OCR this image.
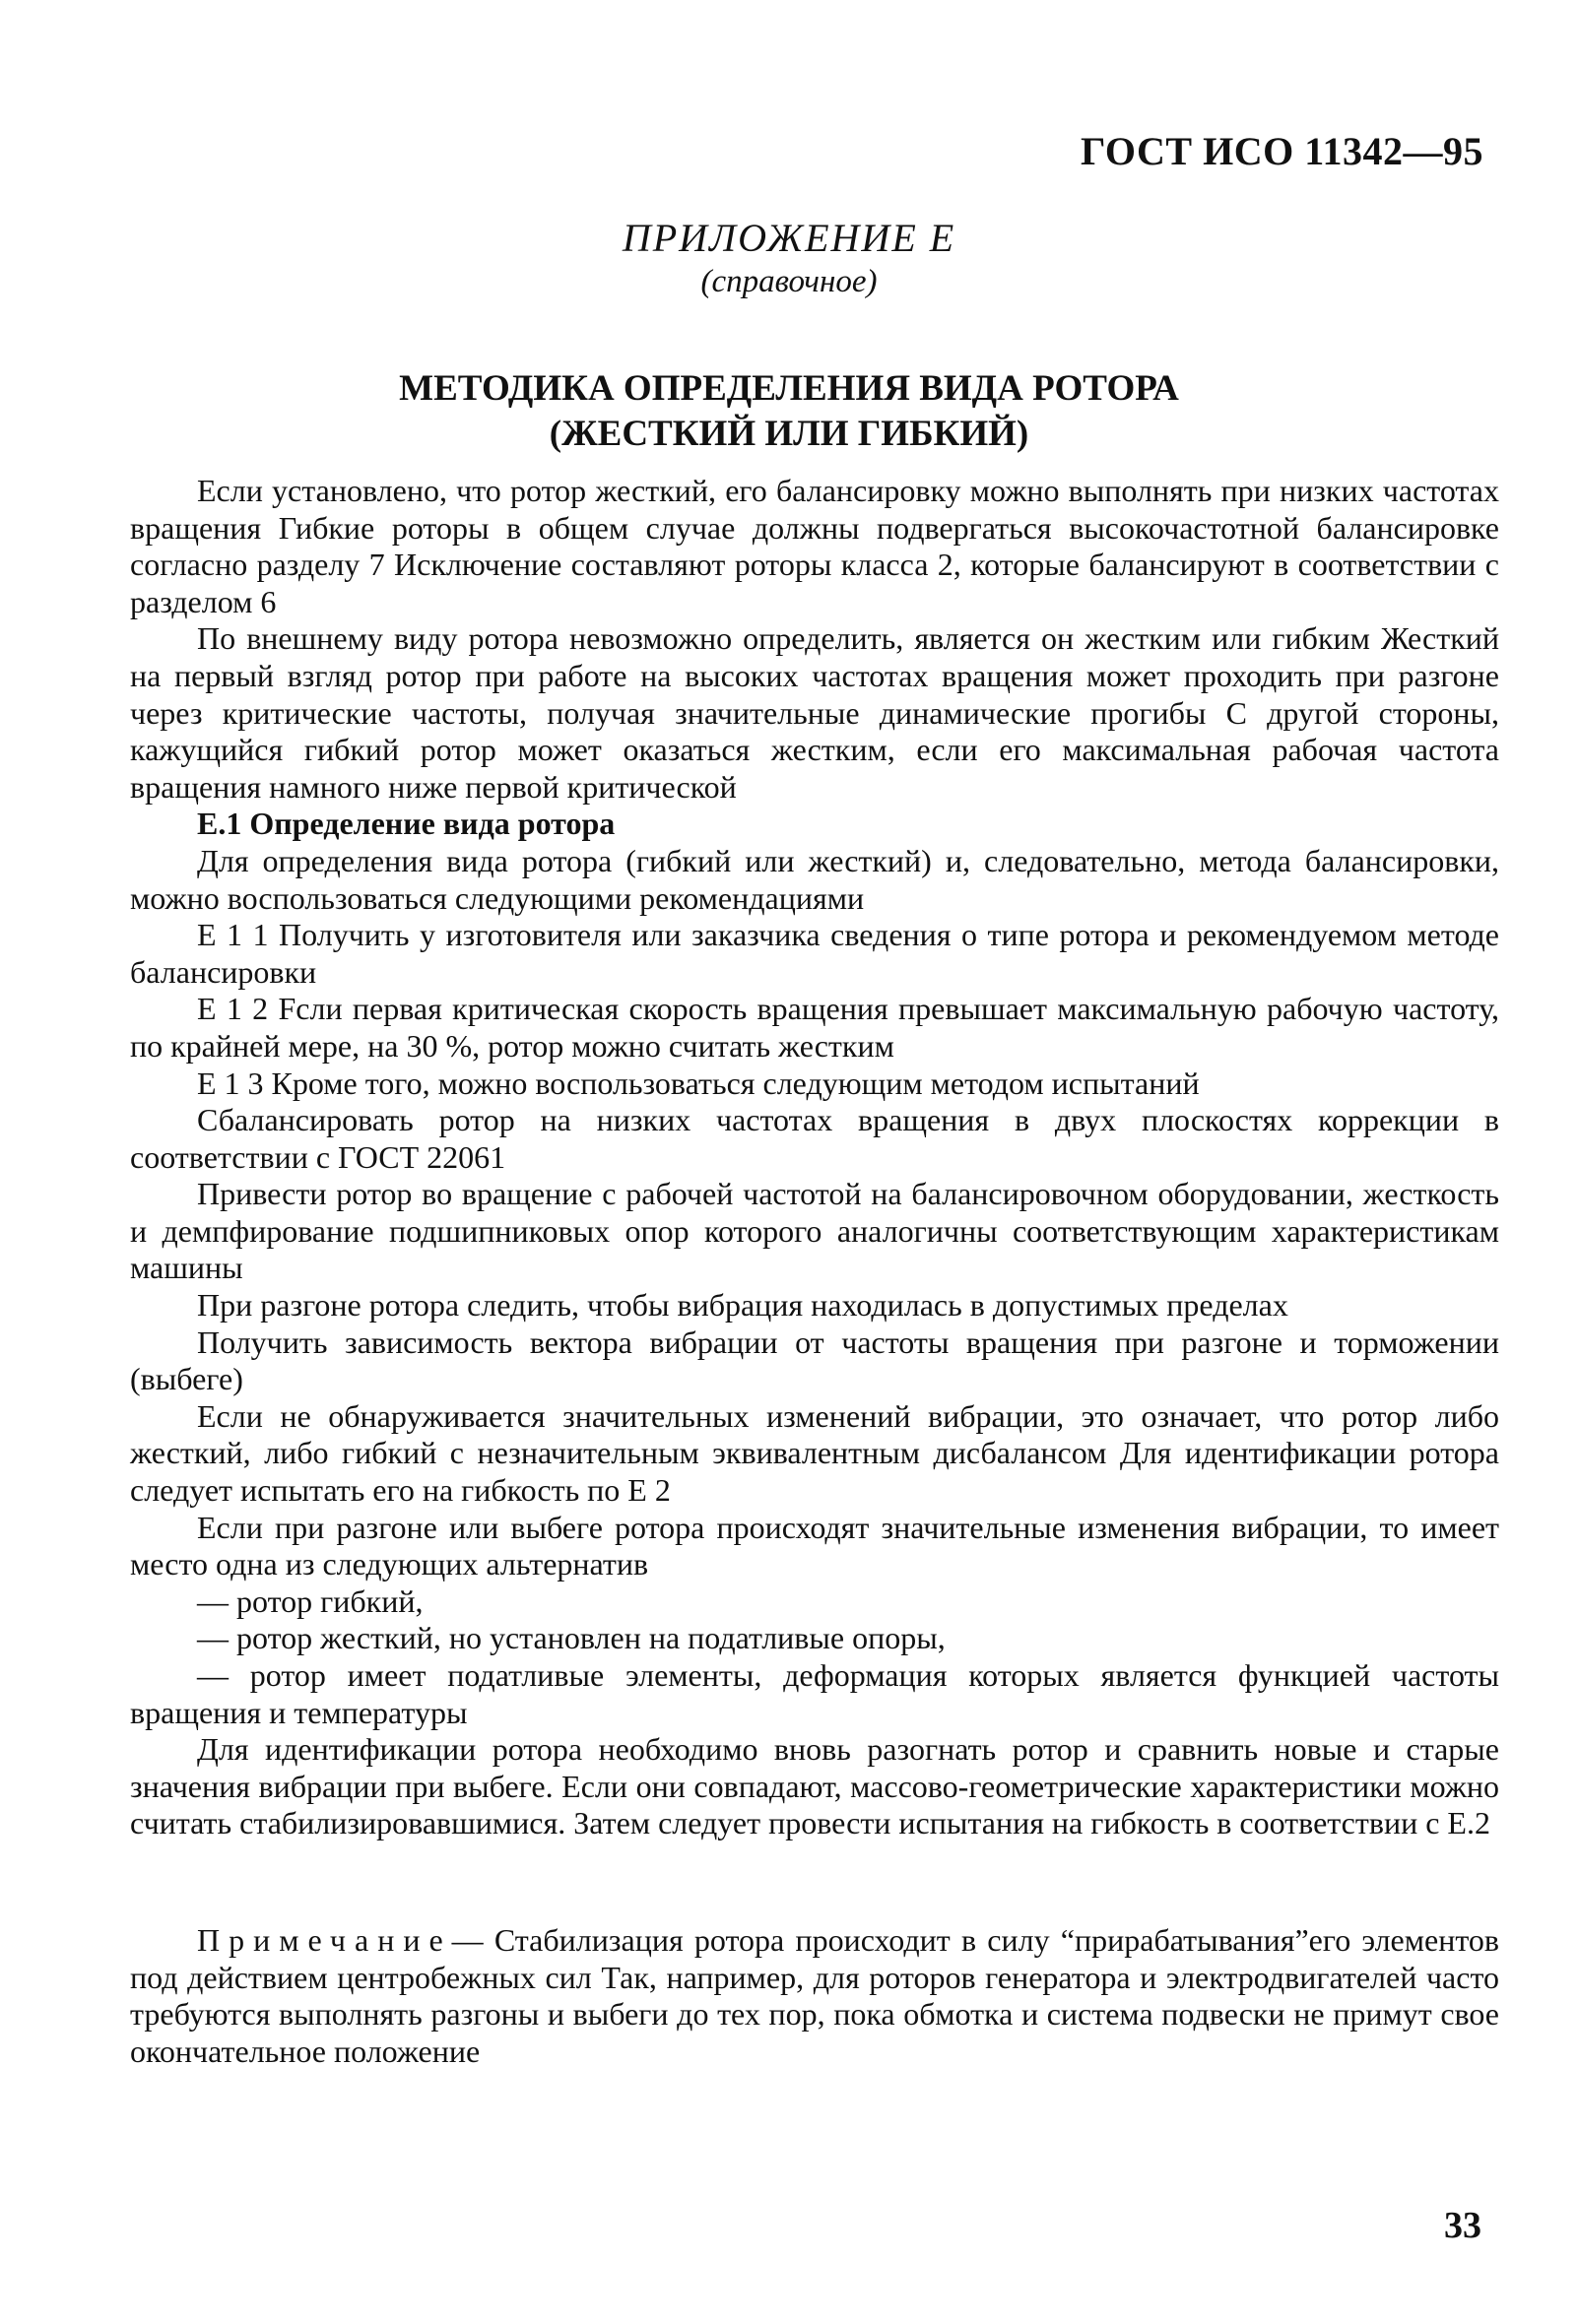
ГОСТ ИСО 11342—95
ПРИЛОЖЕНИЕ Е
(справочное)
МЕТОДИКА ОПРЕДЕЛЕНИЯ ВИДА РОТОРА
(ЖЕСТКИЙ ИЛИ ГИБКИЙ)

Если установлено, что ротор жесткий, его балансировку можно выполнять при низких частотах вращения Гибкие роторы в общем случае должны подвергаться высокочастотной балансировке согласно разделу 7 Исключение составляют роторы класса 2, которые балансируют в соответствии с разделом 6

По внешнему виду ротора невозможно определить, является он жестким или гибким Жесткий на первый взгляд ротор при работе на высоких частотах вращения может проходить при разгоне через критические частоты, получая значительные динамические прогибы С другой стороны, кажущийся гибкий ротор может оказаться жестким, если его максимальная рабочая частота вращения намного ниже первой критической

Е.1 Определение вида ротора

Для определения вида ротора (гибкий или жесткий) и, следовательно, метода балансировки, можно воспользоваться следующими рекомендациями

Е 1 1 Получить у изготовителя или заказчика сведения о типе ротора и рекомендуемом методе балансировки

Е 1 2 Fсли первая критическая скорость вращения превышает максимальную рабочую частоту, по крайней мере, на 30 %, ротор можно считать жестким

Е 1 3 Кроме того, можно воспользоваться следующим методом испытаний

Сбалансировать ротор на низких частотах вращения в двух плоскостях коррекции в соответствии с ГОСТ 22061

Привести ротор во вращение с рабочей частотой на балансировочном оборудовании, жесткость и демпфирование подшипниковых опор которого аналогичны соответствующим характеристикам машины

При разгоне ротора следить, чтобы вибрация находилась в допустимых пределах

Получить зависимость вектора вибрации от частоты вращения при разгоне и торможении (выбеге)

Если не обнаруживается значительных изменений вибрации, это означает, что ротор либо жесткий, либо гибкий с незначительным эквивалентным дисбалансом Для идентификации ротора следует испытать его на гибкость по Е 2

Если при разгоне или выбеге ротора происходят значительные изменения вибрации, то имеет место одна из следующих альтернатив

— ротор гибкий,

— ротор жесткий, но установлен на податливые опоры,

— ротор имеет податливые элементы, деформация которых является функцией частоты вращения и температуры

Для идентификации ротора необходимо вновь разогнать ротор и сравнить новые и старые значения вибрации при выбеге. Если они совпадают, массово-геометрические характеристики можно считать стабилизировавшимися. Затем следует провести испытания на гибкость в соответствии с Е.2

Примечание— Стабилизация ротора происходит в силу “прирабатывания”его элементов под действием центробежных сил Так, например, для роторов генератора и электродвигателей часто требуются выполнять разгоны и выбеги до тех пор, пока обмотка и система подвески не примут свое окончательное положение
33
